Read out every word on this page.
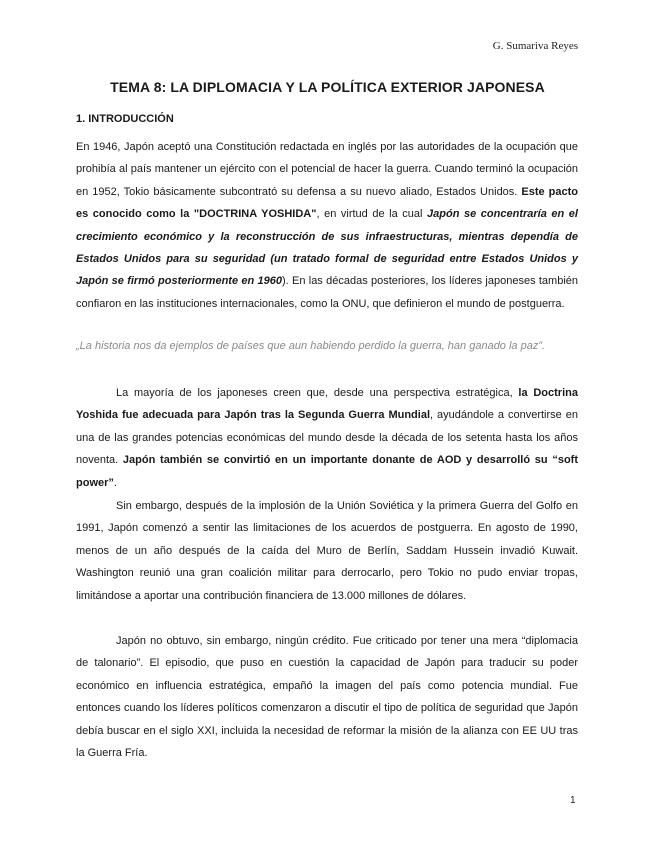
G. Sumariva Reyes
TEMA 8: LA DIPLOMACIA Y LA POLÍTICA EXTERIOR JAPONESA
1. INTRODUCCIÓN

En 1946, Japón aceptó una Constitución redactada en inglés por las autoridades de la ocupación que prohibía al país mantener un ejército con el potencial de hacer la guerra. Cuando terminó la ocupación en 1952, Tokio básicamente subcontrató su defensa a su nuevo aliado, Estados Unidos. Este pacto es conocido como la "DOCTRINA YOSHIDA", en virtud de la cual Japón se concentraría en el crecimiento económico y la reconstrucción de sus infraestructuras, mientras dependía de Estados Unidos para su seguridad (un tratado formal de seguridad entre Estados Unidos y Japón se firmó posteriormente en 1960). En las décadas posteriores, los líderes japoneses también confiaron en las instituciones internacionales, como la ONU, que definieron el mundo de postguerra.

„La historia nos da ejemplos de países que aun habiendo perdido la guerra, han ganado la paz”.

La mayoría de los japoneses creen que, desde una perspectiva estratégica, la Doctrina Yoshida fue adecuada para Japón tras la Segunda Guerra Mundial, ayudándole a convertirse en una de las grandes potencias económicas del mundo desde la década de los setenta hasta los años noventa. Japón también se convirtió en un importante donante de AOD y desarrolló su “soft power”.

Sin embargo, después de la implosión de la Unión Soviética y la primera Guerra del Golfo en 1991, Japón comenzó a sentir las limitaciones de los acuerdos de postguerra. En agosto de 1990, menos de un año después de la caída del Muro de Berlín, Saddam Hussein invadió Kuwait. Washington reunió una gran coalición militar para derrocarlo, pero Tokio no pudo enviar tropas, limitándose a aportar una contribución financiera de 13.000 millones de dólares.

Japón no obtuvo, sin embargo, ningún crédito. Fue criticado por tener una mera “diplomacia de talonario”. El episodio, que puso en cuestión la capacidad de Japón para traducir su poder económico en influencia estratégica, empañó la imagen del país como potencia mundial. Fue entonces cuando los líderes políticos comenzaron a discutir el tipo de política de seguridad que Japón debía buscar en el siglo XXI, incluida la necesidad de reformar la misión de la alianza con EE UU tras la Guerra Fría.

1
